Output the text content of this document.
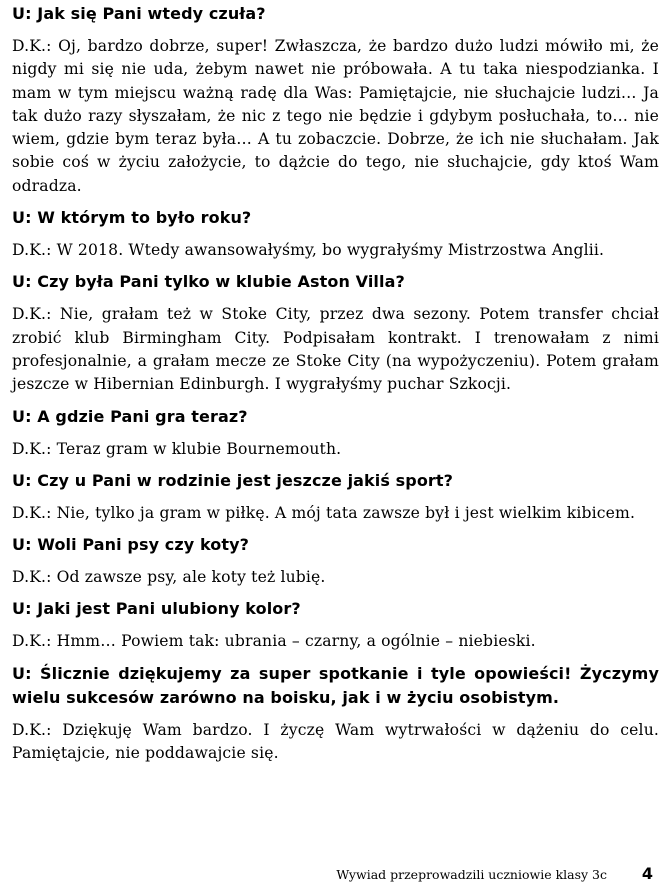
U: Jak się Pani wtedy czuła?

D.K.: Oj, bardzo dobrze, super! Zwłaszcza, że bardzo dużo ludzi mówiło mi, że nigdy mi się nie uda, żebym nawet nie próbowała. A tu taka niespodzianka. I mam w tym miejscu ważną radę dla Was: Pamiętajcie, nie słuchajcie ludzi… Ja tak dużo razy słyszałam, że nic z tego nie będzie i gdybym posłuchała, to… nie wiem, gdzie bym teraz była… A tu zobaczcie. Dobrze, że ich nie słuchałam. Jak sobie coś w życiu założycie, to dążcie do tego, nie słuchajcie, gdy ktoś Wam odradza.

U: W którym to było roku?

D.K.: W 2018. Wtedy awansowałyśmy, bo wygrałyśmy Mistrzostwa Anglii.

U: Czy była Pani tylko w klubie Aston Villa?

D.K.: Nie, grałam też w Stoke City, przez dwa sezony. Potem transfer chciał zrobić klub Birmingham City. Podpisałam kontrakt. I trenowałam z nimi profesjonalnie, a grałam mecze ze Stoke City (na wypożyczeniu). Potem grałam jeszcze w Hibernian Edinburgh. I wygrałyśmy puchar Szkocji.

U: A gdzie Pani gra teraz?

D.K.: Teraz gram w klubie Bournemouth.

U: Czy u Pani w rodzinie jest jeszcze jakiś sport?

D.K.: Nie, tylko ja gram w piłkę. A mój tata zawsze był i jest wielkim kibicem.

U: Woli Pani psy czy koty?

D.K.: Od zawsze psy, ale koty też lubię.

U: Jaki jest Pani ulubiony kolor?

D.K.: Hmm… Powiem tak: ubrania – czarny, a ogólnie – niebieski.

U: Ślicznie dziękujemy za super spotkanie i tyle opowieści! Życzymy wielu sukcesów zarówno na boisku, jak i w życiu osobistym.

D.K.: Dziękuję Wam bardzo. I życzę Wam wytrwałości w dążeniu do celu. Pamiętajcie, nie poddawajcie się.

Wywiad przeprowadzili uczniowie klasy 3c 4
